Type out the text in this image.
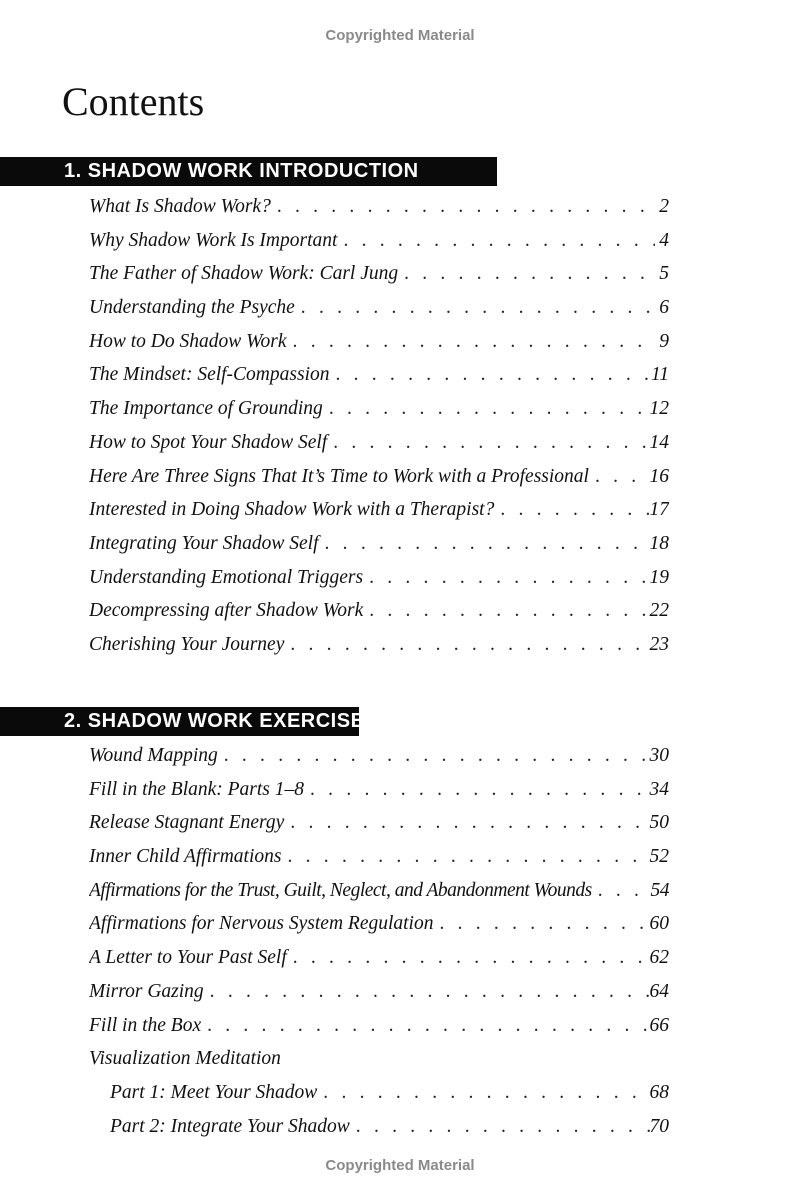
Copyrighted Material
Contents
1. SHADOW WORK INTRODUCTION
What Is Shadow Work? . . .	2
Why Shadow Work Is Important . . .	4
The Father of Shadow Work: Carl Jung . . .	5
Understanding the Psyche . . .	6
How to Do Shadow Work . . .	9
The Mindset: Self-Compassion . . .	11
The Importance of Grounding . . .	12
How to Spot Your Shadow Self . . .	14
Here Are Three Signs That It’s Time to Work with a Professional . . .	16
Interested in Doing Shadow Work with a Therapist? . . .	17
Integrating Your Shadow Self . . .	18
Understanding Emotional Triggers . . .	19
Decompressing after Shadow Work . . .	22
Cherishing Your Journey . . .	23
2. SHADOW WORK EXERCISES
Wound Mapping . . .	30
Fill in the Blank: Parts 1–8 . . .	34
Release Stagnant Energy . . .	50
Inner Child Affirmations . . .	52
Affirmations for the Trust, Guilt, Neglect, and Abandonment Wounds . . .	54
Affirmations for Nervous System Regulation . . .	60
A Letter to Your Past Self . . .	62
Mirror Gazing . . .	64
Fill in the Box . . .	66
Visualization Meditation
Part 1: Meet Your Shadow . . .	68
Part 2: Integrate Your Shadow . . .	70
Copyrighted Material
